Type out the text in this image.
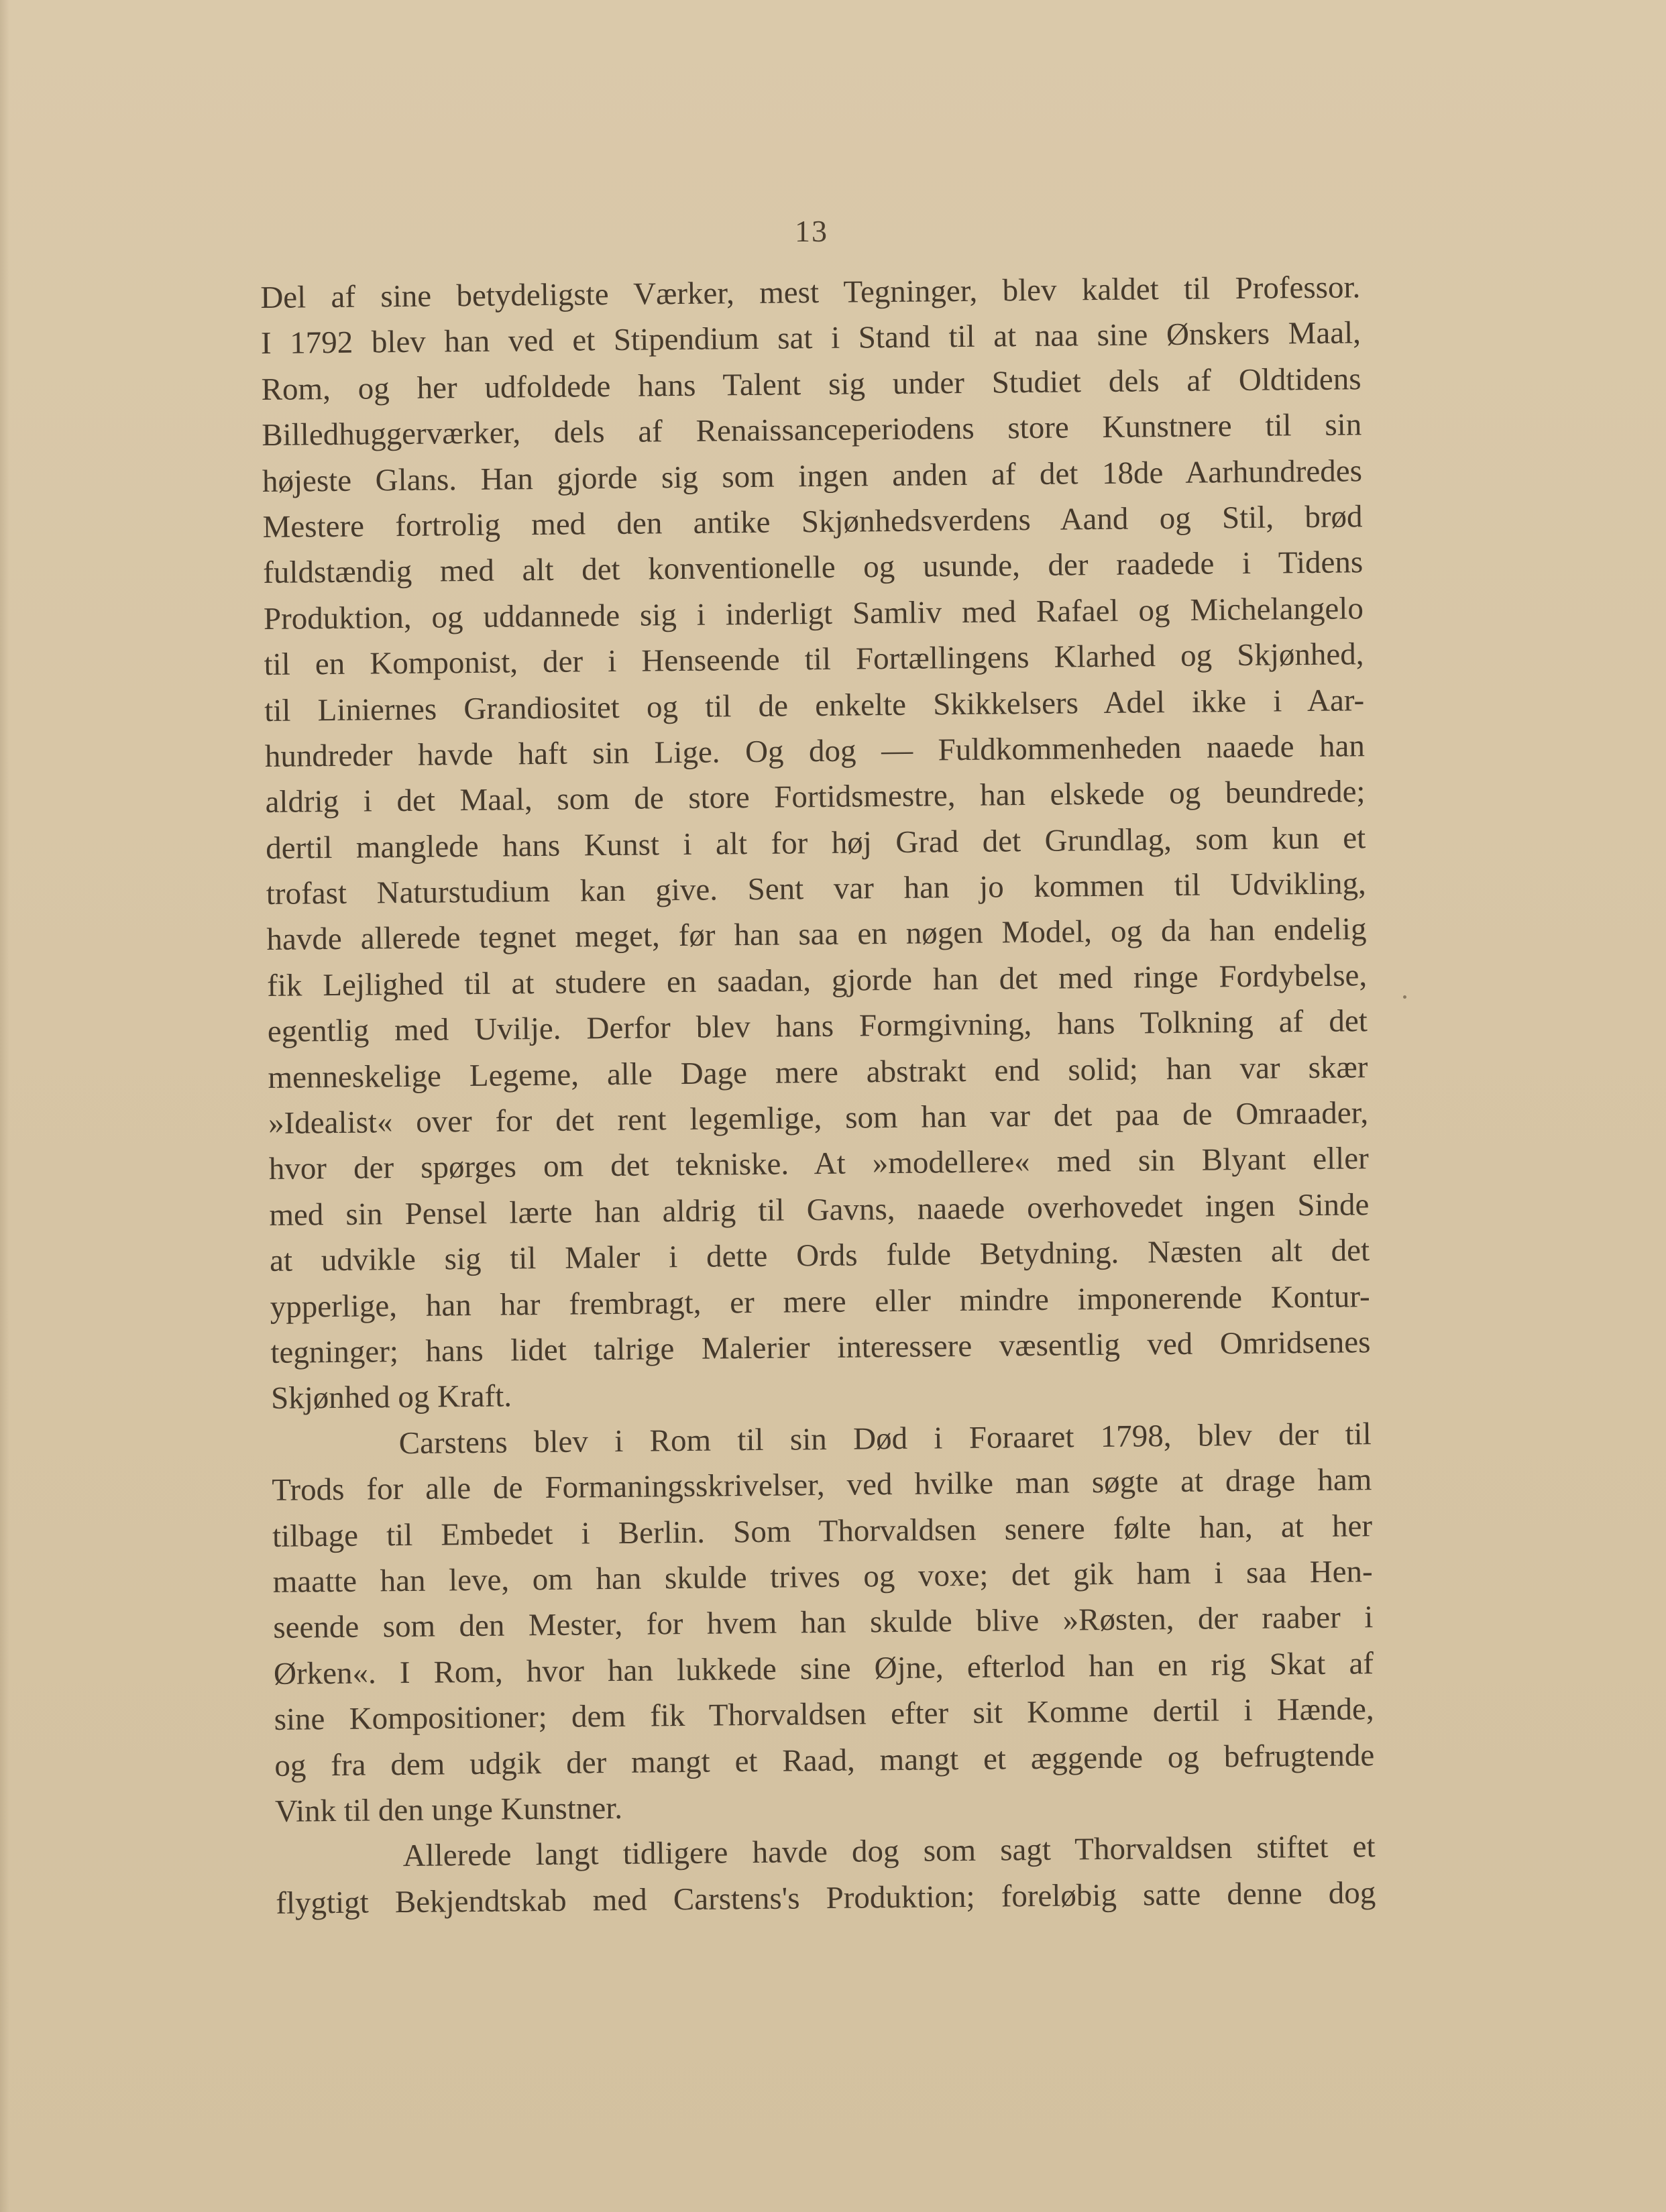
13
Del af sine betydeligste Værker, mest Tegninger, blev kaldet til Professor.
I 1792 blev han ved et Stipendium sat i Stand til at naa sine Ønskers Maal,
Rom, og her udfoldede hans Talent sig under Studiet dels af Oldtidens
Billedhuggerværker, dels af Renaissanceperiodens store Kunstnere til sin
højeste Glans. Han gjorde sig som ingen anden af det 18de Aarhundredes
Mestere fortrolig med den antike Skjønhedsverdens Aand og Stil, brød
fuldstændig med alt det konventionelle og usunde, der raadede i Tidens
Produktion, og uddannede sig i inderligt Samliv med Rafael og Michelangelo
til en Komponist, der i Henseende til Fortællingens Klarhed og Skjønhed,
til Liniernes Grandiositet og til de enkelte Skikkelsers Adel ikke i Aar-
hundreder havde haft sin Lige. Og dog — Fuldkommenheden naaede han
aldrig i det Maal, som de store Fortidsmestre, han elskede og beundrede;
dertil manglede hans Kunst i alt for høj Grad det Grundlag, som kun et
trofast Naturstudium kan give. Sent var han jo kommen til Udvikling,
havde allerede tegnet meget, før han saa en nøgen Model, og da han endelig
fik Lejlighed til at studere en saadan, gjorde han det med ringe Fordybelse,
egentlig med Uvilje. Derfor blev hans Formgivning, hans Tolkning af det
menneskelige Legeme, alle Dage mere abstrakt end solid; han var skær
»Idealist« over for det rent legemlige, som han var det paa de Omraader,
hvor der spørges om det tekniske. At »modellere« med sin Blyant eller
med sin Pensel lærte han aldrig til Gavns, naaede overhovedet ingen Sinde
at udvikle sig til Maler i dette Ords fulde Betydning. Næsten alt det
ypperlige, han har frembragt, er mere eller mindre imponerende Kontur-
tegninger; hans lidet talrige Malerier interessere væsentlig ved Omridsenes
Skjønhed og Kraft.
Carstens blev i Rom til sin Død i Foraaret 1798, blev der til
Trods for alle de Formaningsskrivelser, ved hvilke man søgte at drage ham
tilbage til Embedet i Berlin. Som Thorvaldsen senere følte han, at her
maatte han leve, om han skulde trives og voxe; det gik ham i saa Hen-
seende som den Mester, for hvem han skulde blive »Røsten, der raaber i
Ørken«. I Rom, hvor han lukkede sine Øjne, efterlod han en rig Skat af
sine Kompositioner; dem fik Thorvaldsen efter sit Komme dertil i Hænde,
og fra dem udgik der mangt et Raad, mangt et æggende og befrugtende
Vink til den unge Kunstner.
Allerede langt tidligere havde dog som sagt Thorvaldsen stiftet et
flygtigt Bekjendtskab med Carstens's Produktion; foreløbig satte denne dog
